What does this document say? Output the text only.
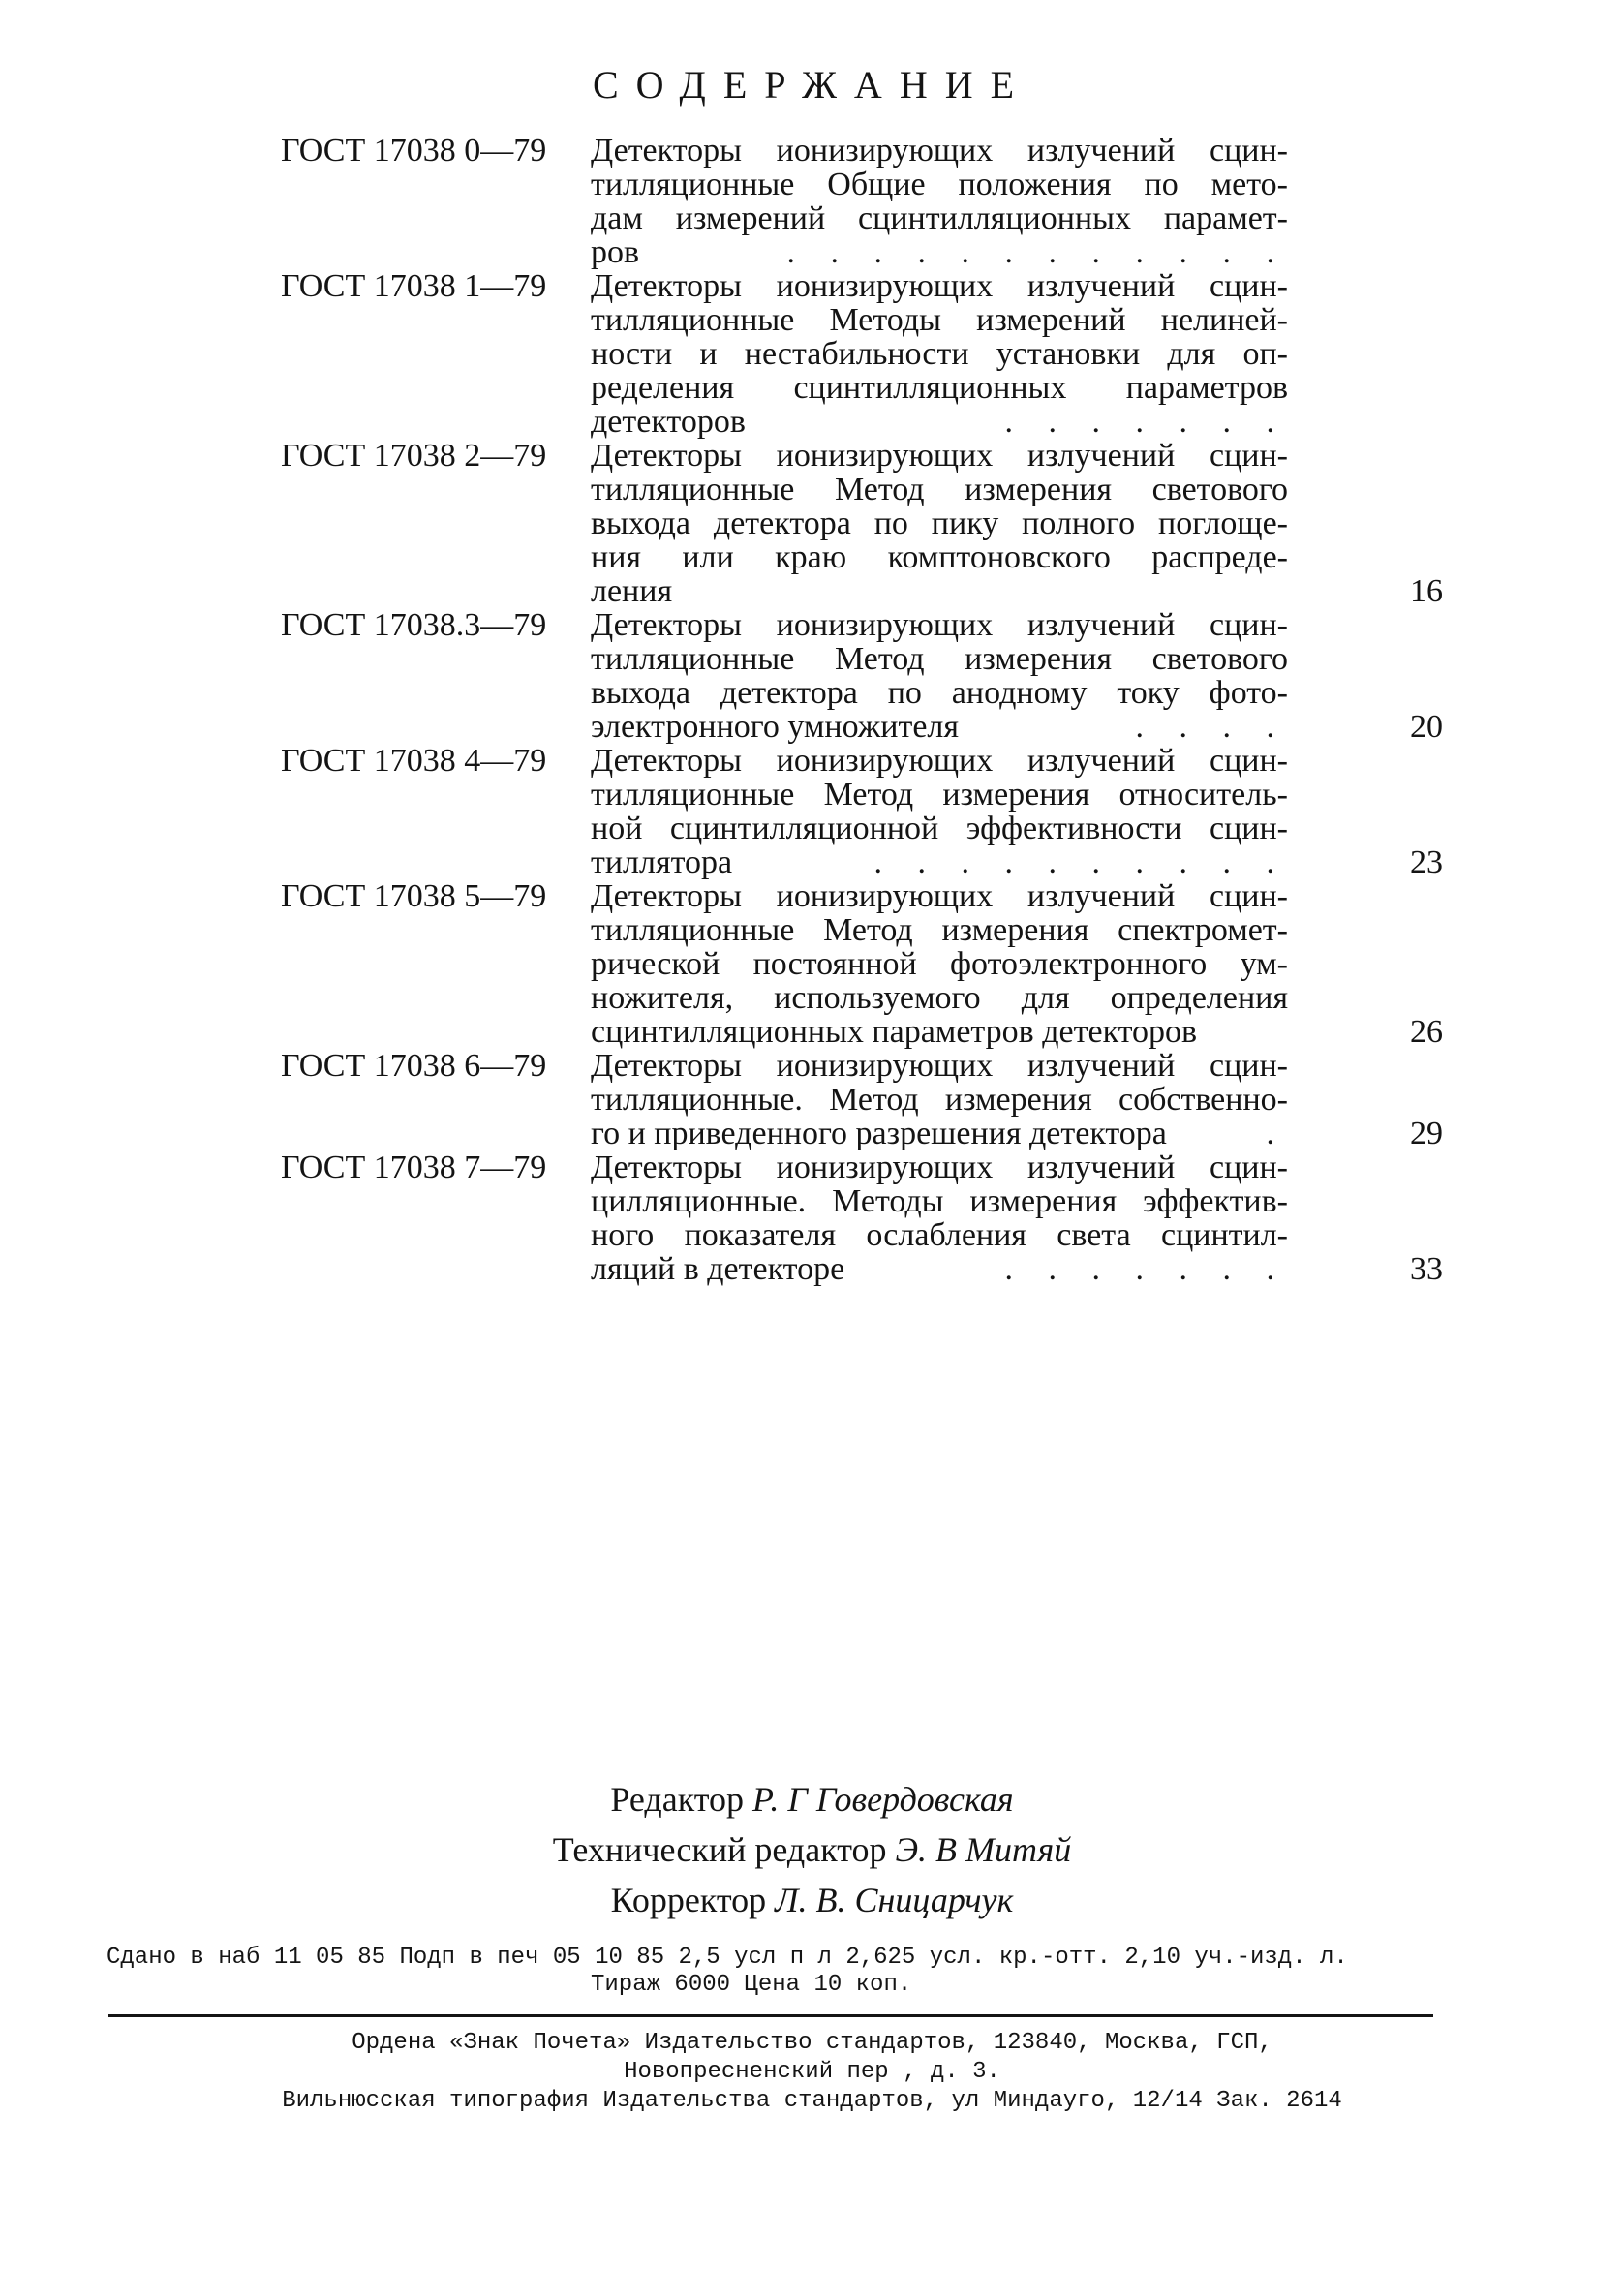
СОДЕРЖАНИЕ
ГОСТ 17038 0—79	Детекторы ионизирующих излучений сцин-
тилляционные Общие положения по мето-
дам измерений сцинтилляционных парамет-
ров	. . . . . . . . . . . .
ГОСТ 17038 1—79	Детекторы ионизирующих излучений сцин-
тилляционные Методы измерений нелиней-
ности и нестабильности установки для оп-
ределения сцинтилляционных параметров
детекторов	. . . . . . .
ГОСТ 17038 2—79	Детекторы ионизирующих излучений сцин-
тилляционные Метод измерения светового
выхода детектора по пику полного поглоще-
ния или краю комптоновского распреде-
ления	16
ГОСТ 17038.3—79	Детекторы ионизирующих излучений сцин-
тилляционные Метод измерения светового
выхода детектора по анодному току фото-
электронного умножителя	. . . .	20
ГОСТ 17038 4—79	Детекторы ионизирующих излучений сцин-
тилляционные Метод измерения относитель-
ной сцинтилляционной эффективности сцин-
тиллятора	. . . . . . . . . .	23
ГОСТ 17038 5—79	Детекторы ионизирующих излучений сцин-
тилляционные Метод измерения спектромет-
рической постоянной фотоэлектронного ум-
ножителя, используемого для определения
сцинтилляционных параметров детекторов	26
ГОСТ 17038 6—79	Детекторы ионизирующих излучений сцин-
тилляционные. Метод измерения собственно-
го и приведенного разрешения детектора	.	29
ГОСТ 17038 7—79	Детекторы ионизирующих излучений сцин-
цилляционные. Методы измерения эффектив-
ного показателя ослабления света сцинтил-
ляций в детекторе	. . . . . . .	33
Редактор Р. Г Говердовская
Технический редактор Э. В Митяй
Корректор Л. В. Сницарчук
Сдано в наб 11 05 85 Подп в печ 05 10 85 2,5 усл п л 2,625 усл. кр.-отт. 2,10 уч.-изд. л.
Тираж 6000 Цена 10 коп.
Ордена «Знак Почета» Издательство стандартов, 123840, Москва, ГСП,
Новопресненский пер , д. 3.
Вильнюсская типография Издательства стандартов, ул Миндауго, 12/14 Зак. 2614
